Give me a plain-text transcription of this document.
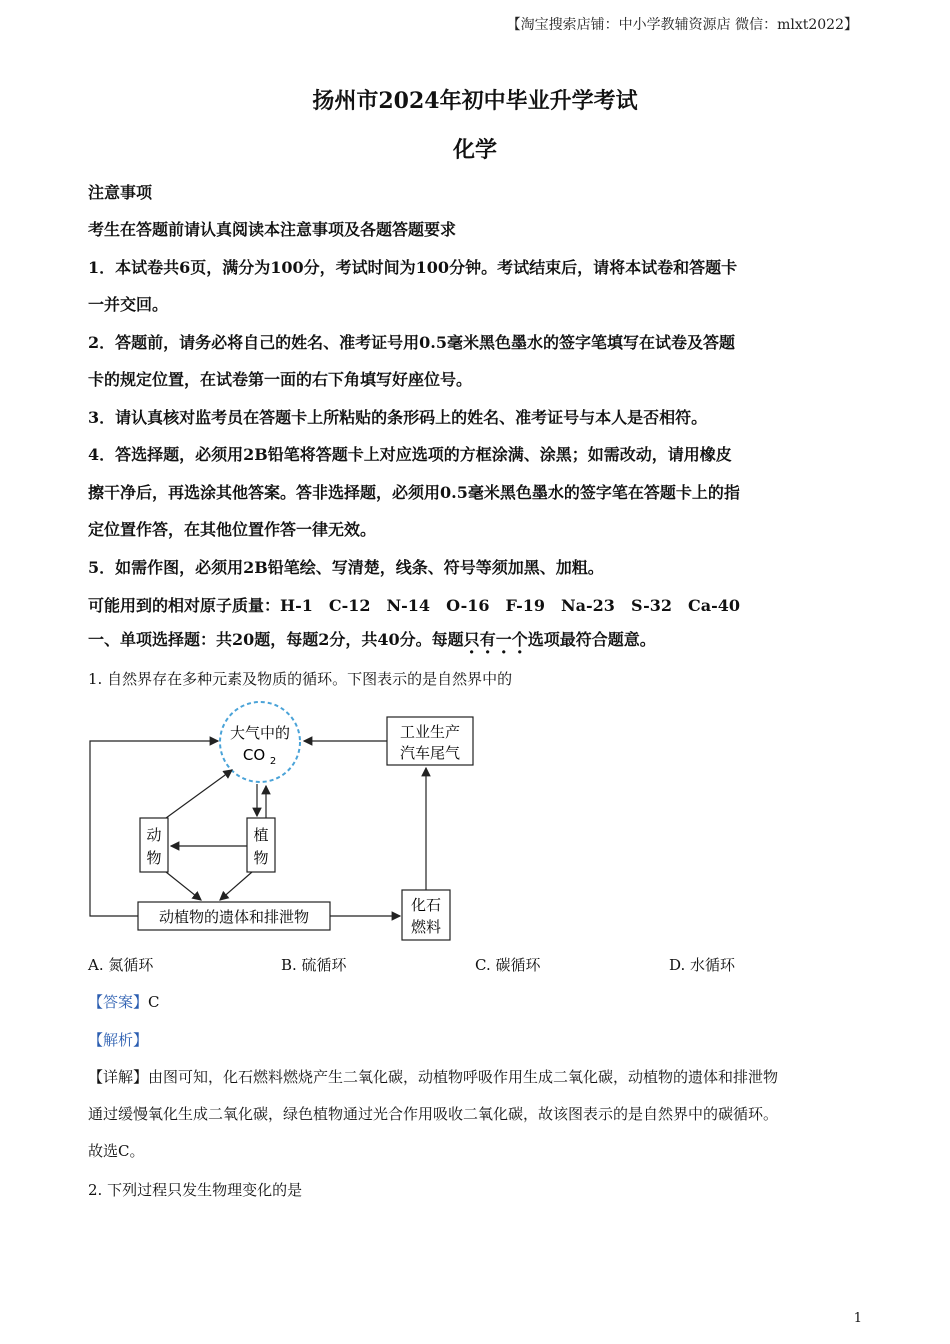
【淘宝搜索店铺：中小学教辅资源店 微信：mlxt2022】
扬州市2024年初中毕业升学考试
化学
注意事项
考生在答题前请认真阅读本注意事项及各题答题要求
1．本试卷共6页，满分为100分，考试时间为100分钟。考试结束后，请将本试卷和答题卡
一并交回。
2．答题前，请务必将自己的姓名、准考证号用0.5毫米黑色墨水的签字笔填写在试卷及答题
卡的规定位置，在试卷第一面的右下角填写好座位号。
3．请认真核对监考员在答题卡上所粘贴的条形码上的姓名、准考证号与本人是否相符。
4．答选择题，必须用2B铅笔将答题卡上对应选项的方框涂满、涂黑；如需改动，请用橡皮
擦干净后，再选涂其他答案。答非选择题，必须用0.5毫米黑色墨水的签字笔在答题卡上的指
定位置作答，在其他位置作答一律无效。
5．如需作图，必须用2B铅笔绘、写清楚，线条、符号等须加黑、加粗。
可能用到的相对原子质量：H-1　C-12　N-14　O-16　F-19　Na-23　S-32　Ca-40
一、单项选择题：共20题，每题2分，共40分。每题只有一个选项最符合题意。
1. 自然界存在多种元素及物质的循环。下图表示的是自然界中的
大气中的
CO 2
工业生产
汽车尾气
动
物
植
物
动植物的遗体和排泄物
化石
燃料
A. 氮循环	B. 硫循环	C. 碳循环	D. 水循环
【答案】C
【解析】
【详解】由图可知，化石燃料燃烧产生二氧化碳，动植物呼吸作用生成二氧化碳，动植物的遗体和排泄物
通过缓慢氧化生成二氧化碳，绿色植物通过光合作用吸收二氧化碳，故该图表示的是自然界中的碳循环。
故选C。
2. 下列过程只发生物理变化的是
1
